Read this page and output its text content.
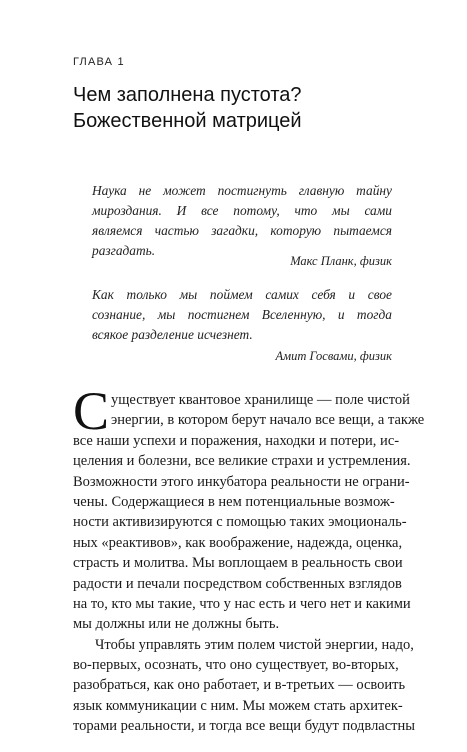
ГЛАВА 1
Чем заполнена пустота?
Божественной матрицей
Наука не может постигнуть главную тайну
мироздания. И все потому, что мы сами
являемся частью загадки, которую пытаемся
разгадать.
Макс Планк, физик
Как только мы поймем самих себя и свое
сознание, мы постигнем Вселенную, и тогда
всякое разделение исчезнет.
Амит Госвами, физик
С уществует квантовое хранилище — поле чистой
энергии, в котором берут начало все вещи, а также
все наши успехи и поражения, находки и потери, ис-
целения и болезни, все великие страхи и устремления.
Возможности этого инкубатора реальности не ограни-
чены. Содержащиеся в нем потенциальные возмож-
ности активизируются с помощью таких эмоциональ-
ных «реактивов», как воображение, надежда, оценка,
страсть и молитва. Мы воплощаем в реальность свои
радости и печали посредством собственных взглядов
на то, кто мы такие, что у нас есть и чего нет и какими
мы должны или не должны быть.
Чтобы управлять этим полем чистой энергии, надо,
во-первых, осознать, что оно существует, во-вторых,
разобраться, как оно работает, и в-третьих — освоить
язык коммуникации с ним. Мы можем стать архитек-
торами реальности, и тогда все вещи будут подвластны
